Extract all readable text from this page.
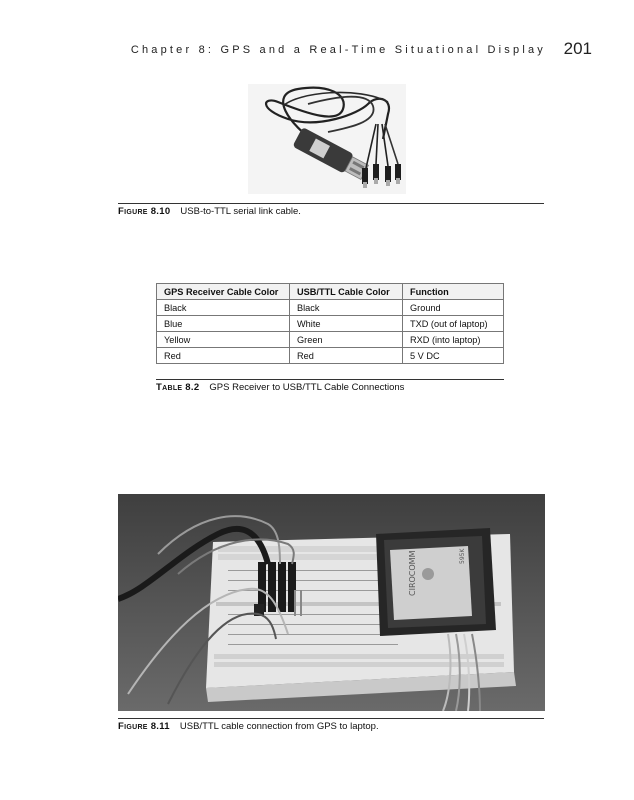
Chapter 8: GPS and a Real-Time Situational Display 201
Figure 8.10 USB-to-TTL serial link cable.
GPS Receiver Cable Color	USB/TTL Cable Color	Function
Black	Black	Ground
Blue	White	TXD (out of laptop)
Yellow	Green	RXD (into laptop)
Red	Red	5 V DC
Table 8.2 GPS Receiver to USB/TTL Cable Connections
CIROCOMM	595K
Figure 8.11 USB/TTL cable connection from GPS to laptop.
